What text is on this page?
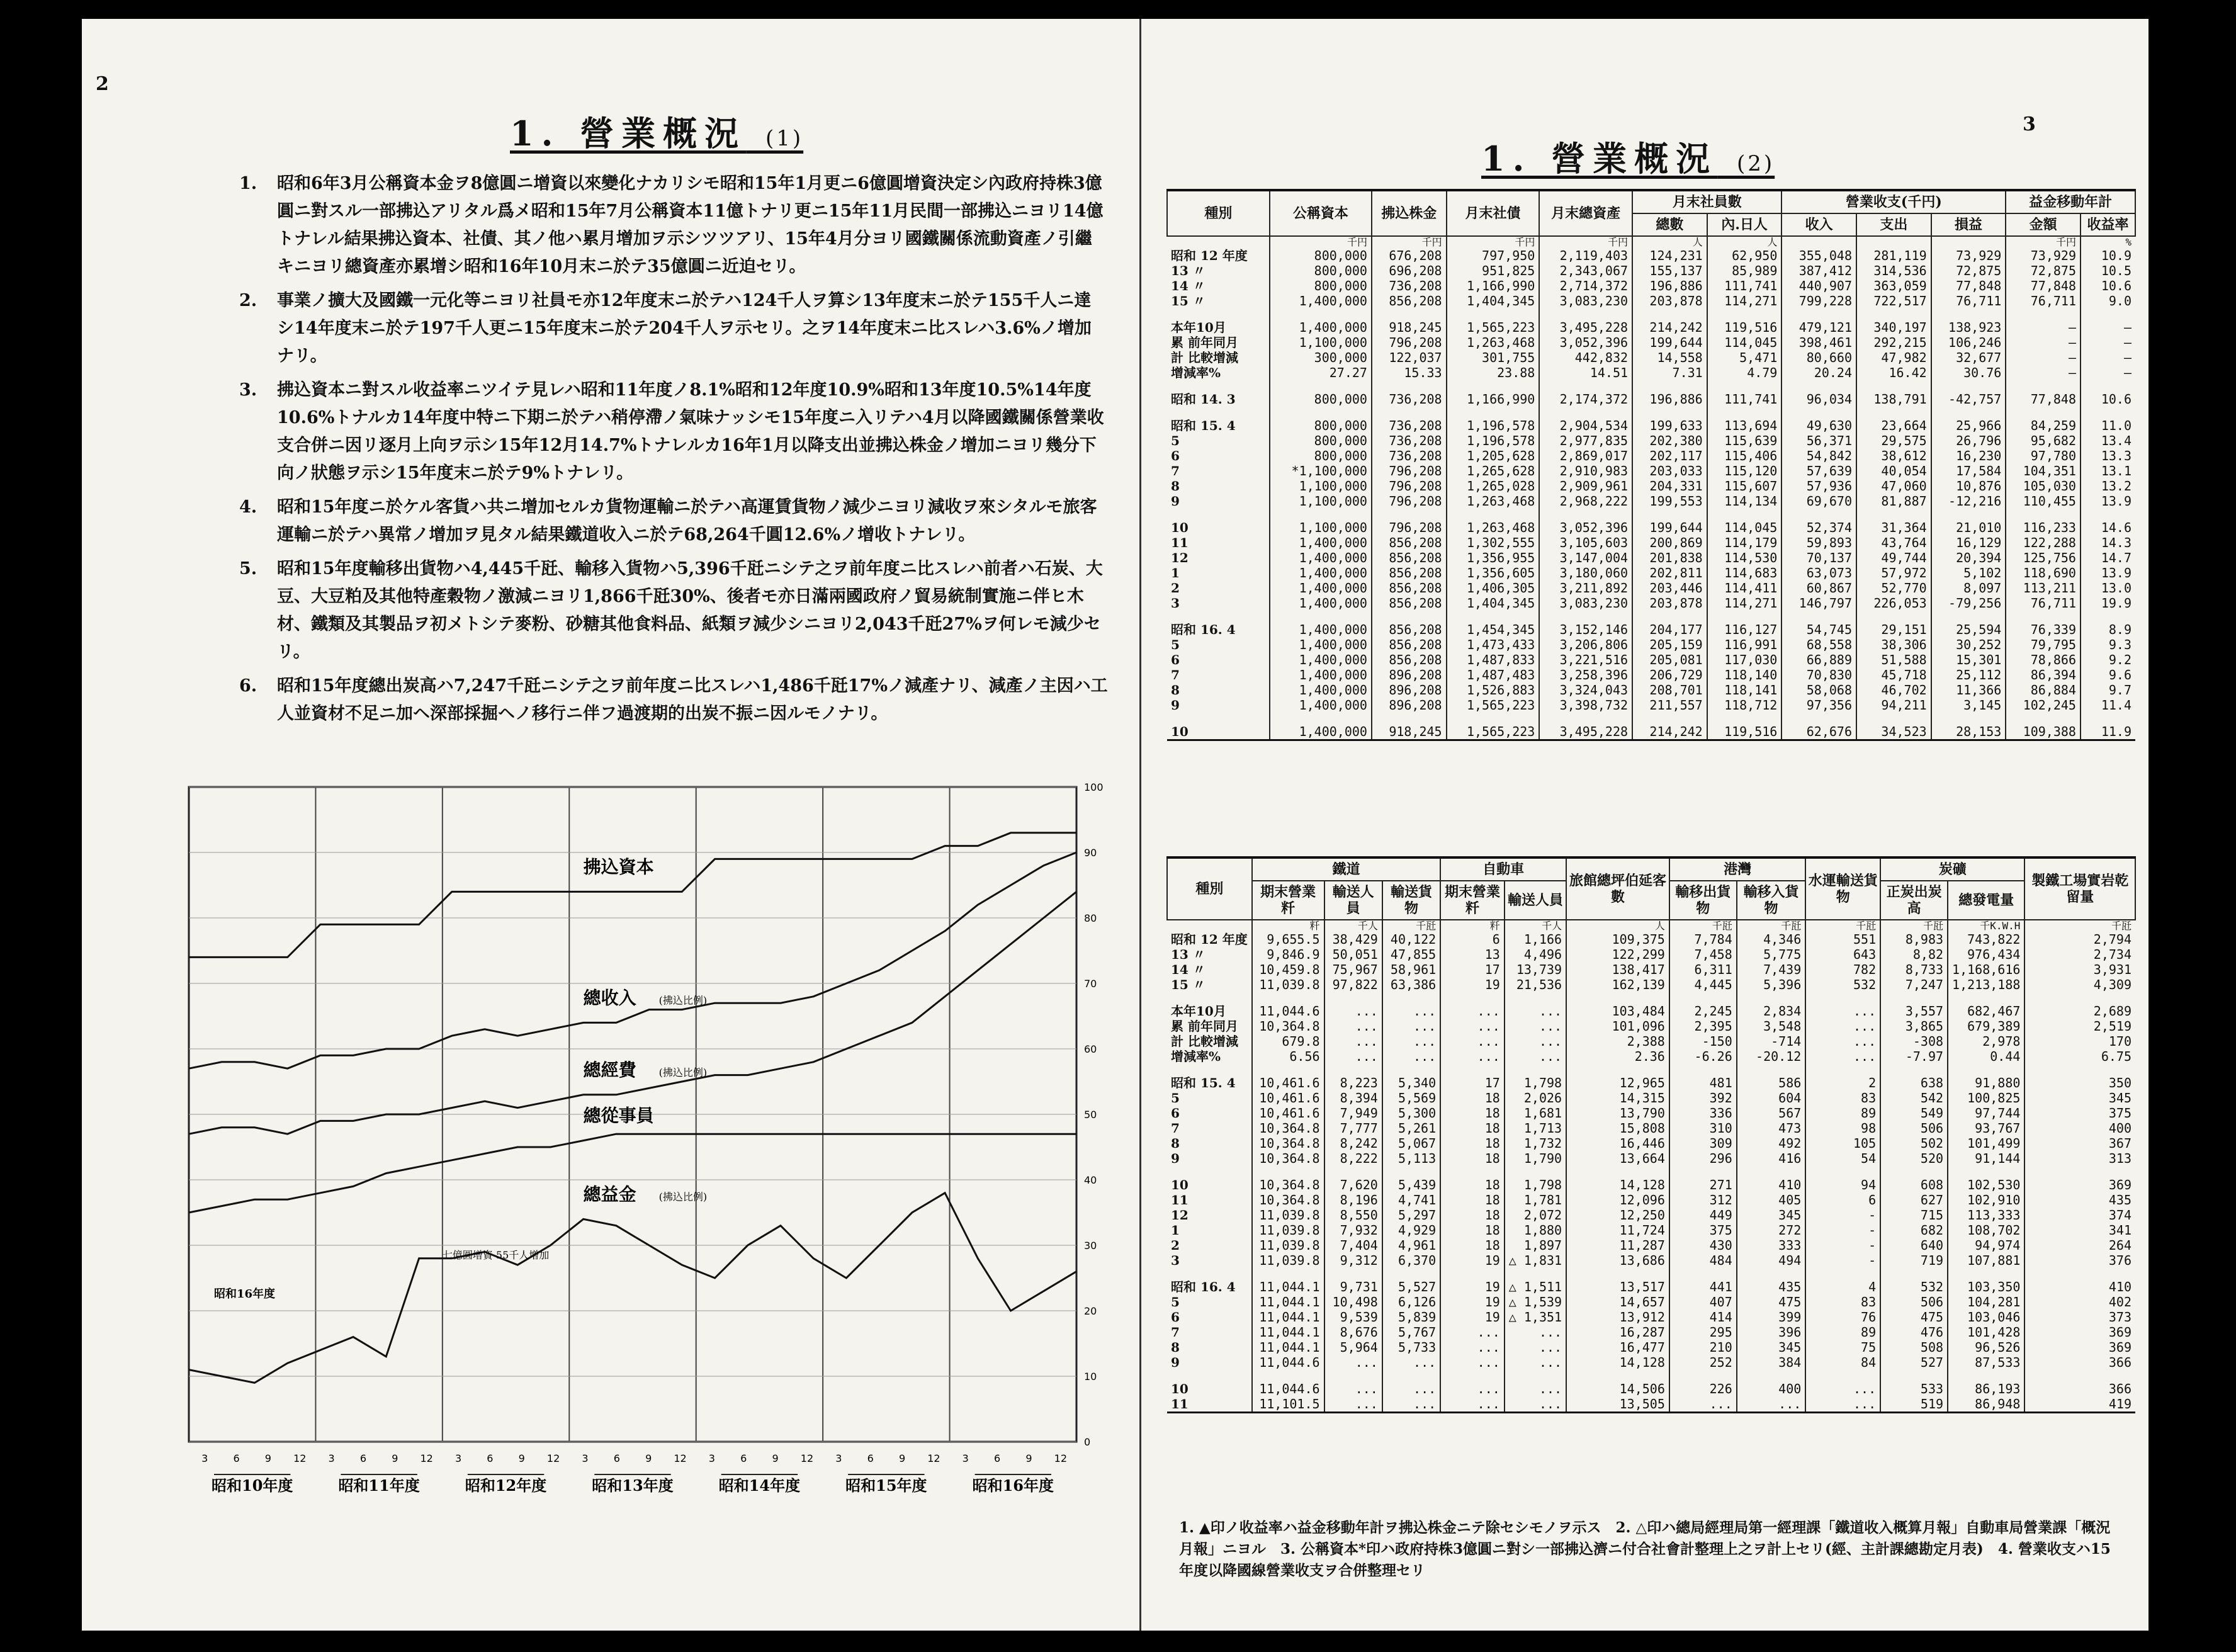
2
1. 營業概況 (1)
1.	昭和6年3月公稱資本金ヲ8億圓ニ增資以來變化ナカリシモ昭和15年1月更ニ6億圓增資決定シ內政府持株3億圓ニ對スル一部拂込アリタル爲メ昭和15年7月公稱資本11億トナリ更ニ15年11月民間一部拂込ニヨリ14億トナレル結果拂込資本、社債、其ノ他ハ累月增加ヲ示シツツアリ、15年4月分ヨリ國鐵關係流動資產ノ引繼キニヨリ總資產亦累增シ昭和16年10月末ニ於テ35億圓ニ近迫セリ。
2.	事業ノ擴大及國鐵一元化等ニヨリ社員モ亦12年度末ニ於テハ124千人ヲ算シ13年度末ニ於テ155千人ニ達シ14年度末ニ於テ197千人更ニ15年度末ニ於テ204千人ヲ示セリ。之ヲ14年度末ニ比スレハ3.6%ノ增加ナリ。
3.	拂込資本ニ對スル收益率ニツイテ見レハ昭和11年度ノ8.1%昭和12年度10.9%昭和13年度10.5%14年度10.6%トナルカ14年度中特ニ下期ニ於テハ稍停滯ノ氣味ナッシモ15年度ニ入リテハ4月以降國鐵關係營業收支合併ニ因リ逐月上向ヲ示シ15年12月14.7%トナレルカ16年1月以降支出並拂込株金ノ增加ニヨリ幾分下向ノ狀態ヲ示シ15年度末ニ於テ9%トナレリ。
4.	昭和15年度ニ於ケル客貨ハ共ニ增加セルカ貨物運輸ニ於テハ高運賃貨物ノ減少ニヨリ減收ヲ來シタルモ旅客運輸ニ於テハ異常ノ增加ヲ見タル結果鐵道收入ニ於テ68,264千圓12.6%ノ增收トナレリ。
5.	昭和15年度輸移出貨物ハ4,445千瓩、輸移入貨物ハ5,396千瓩ニシテ之ヲ前年度ニ比スレハ前者ハ石炭、大豆、大豆粕及其他特產穀物ノ激減ニヨリ1,866千瓩30%、後者モ亦日滿兩國政府ノ貿易統制實施ニ伴ヒ木材、鐵類及其製品ヲ初メトシテ麥粉、砂糖其他食料品、紙類ヲ減少シニヨリ2,043千瓩27%ヲ何レモ減少セリ。
6.	昭和15年度總出炭高ハ7,247千瓩ニシテ之ヲ前年度ニ比スレハ1,486千瓩17%ノ減產ナリ、減產ノ主因ハ工人並資材不足ニ加ヘ深部採掘ヘノ移行ニ伴フ過渡期的出炭不振ニ因ルモノナリ。
100
90
80
70
60
50
40
30
20
10
0
3	6	9 12
昭和10年度
3	6	9 12
昭和11年度
3	6	9 12
昭和12年度
3	6	9 12
昭和13年度
3	6	9 12
昭和14年度
3	6	9 12
昭和15年度
3	6	9 12
昭和16年度
拂込資本
總收入 (拂込比例)
總經費 (拂込比例)
總從事員
總益金 (拂込比例)
昭和16年度
七億圓增資 55千人增加
3
1. 營業概況 (2)
種別	公稱資本	拂込株金	月末社債	月末總資產	月末社員數		營業收支(千円)			益金移動年計	
					總數	內.日人	收入	支出	損益	金額	收益率
	千円	千円	千円	千円	人	人				千円	%
昭和 12 年度	800,000	676,208	797,950	2,119,403	124,231	62,950	355,048	281,119	73,929	73,929	10.9
13 〃	800,000	696,208	951,825	2,343,067	155,137	85,989	387,412	314,536	72,875	72,875	10.5
14 〃	800,000	736,208	1,166,990	2,714,372	196,886	111,741	440,907	363,059	77,848	77,848	10.6
15 〃	1,400,000	856,208	1,404,345	3,083,230	203,878	114,271	799,228	722,517	76,711	76,711	9.0

本年10月	1,400,000	918,245	1,565,223	3,495,228	214,242	119,516	479,121	340,197	138,923	—	—
累 前年同月	1,100,000	796,208	1,263,468	3,052,396	199,644	114,045	398,461	292,215	106,246	—	—
計 比較增減	300,000	122,037	301,755	442,832	14,558	5,471	80,660	47,982	32,677	—	—
增減率%	27.27	15.33	23.88	14.51	7.31	4.79	20.24	16.42	30.76	—	—

昭和 14. 3	800,000	736,208	1,166,990	2,174,372	196,886	111,741	96,034	138,791	-42,757	77,848	10.6

昭和 15. 4	800,000	736,208	1,196,578	2,904,534	199,633	113,694	49,630	23,664	25,966	84,259	11.0
5	800,000	736,208	1,196,578	2,977,835	202,380	115,639	56,371	29,575	26,796	95,682	13.4
6	800,000	736,208	1,205,628	2,869,017	202,117	115,406	54,842	38,612	16,230	97,780	13.3
7	*1,100,000	796,208	1,265,628	2,910,983	203,033	115,120	57,639	40,054	17,584	104,351	13.1
8	1,100,000	796,208	1,265,028	2,909,961	204,331	115,607	57,936	47,060	10,876	105,030	13.2
9	1,100,000	796,208	1,263,468	2,968,222	199,553	114,134	69,670	81,887	-12,216	110,455	13.9

10	1,100,000	796,208	1,263,468	3,052,396	199,644	114,045	52,374	31,364	21,010	116,233	14.6
11	1,400,000	856,208	1,302,555	3,105,603	200,869	114,179	59,893	43,764	16,129	122,288	14.3
12	1,400,000	856,208	1,356,955	3,147,004	201,838	114,530	70,137	49,744	20,394	125,756	14.7
1	1,400,000	856,208	1,356,605	3,180,060	202,811	114,683	63,073	57,972	5,102	118,690	13.9
2	1,400,000	856,208	1,406,305	3,211,892	203,446	114,411	60,867	52,770	8,097	113,211	13.0
3	1,400,000	856,208	1,404,345	3,083,230	203,878	114,271	146,797	226,053	-79,256	76,711	19.9

昭和 16. 4	1,400,000	856,208	1,454,345	3,152,146	204,177	116,127	54,745	29,151	25,594	76,339	8.9
5	1,400,000	856,208	1,473,433	3,206,806	205,159	116,991	68,558	38,306	30,252	79,795	9.3
6	1,400,000	856,208	1,487,833	3,221,516	205,081	117,030	66,889	51,588	15,301	78,866	9.2
7	1,400,000	896,208	1,487,483	3,258,396	206,729	118,140	70,830	45,718	25,112	86,394	9.6
8	1,400,000	896,208	1,526,883	3,324,043	208,701	118,141	58,068	46,702	11,366	86,884	9.7
9	1,400,000	896,208	1,565,223	3,398,732	211,557	118,712	97,356	94,211	3,145	102,245	11.4

10	1,400,000	918,245	1,565,223	3,495,228	214,242	119,516	62,676	34,523	28,153	109,388	11.9
種別	鐵道			自動車		旅館總坪伯延客數	港灣		水運輸送貨物	炭礦		製鐵工場實岩乾留量
	期末營業粁	輸送人員	輸送貨物	期末營業粁	輸送人員		輸移出貨物	輸移入貨物		正炭出炭高	總發電量	
	粁	千人	千瓩	粁	千人	人	千瓩	千瓩	千瓩	千瓩	千K.W.H	千瓩
昭和 12 年度	9,655.5	38,429	40,122	6	1,166	109,375	7,784	4,346	551	8,983	743,822	2,794
13 〃	9,846.9	50,051	47,855	13	4,496	122,299	7,458	5,775	643	8,82	976,434	2,734
14 〃	10,459.8	75,967	58,961	17	13,739	138,417	6,311	7,439	782	8,733	1,168,616	3,931
15 〃	11,039.8	97,822	63,386	19	21,536	162,139	4,445	5,396	532	7,247	1,213,188	4,309

本年10月	11,044.6	...	...	...	...	103,484	2,245	2,834	...	3,557	682,467	2,689
累 前年同月	10,364.8	...	...	...	...	101,096	2,395	3,548	...	3,865	679,389	2,519
計 比較增減	679.8	...	...	...	...	2,388	-150	-714	...	-308	2,978	170
增減率%	6.56	...	...	...	...	2.36	-6.26	-20.12	...	-7.97	0.44	6.75

昭和 15. 4	10,461.6	8,223	5,340	17	1,798	12,965	481	586	2	638	91,880	350
5	10,461.6	8,394	5,569	18	2,026	14,315	392	604	83	542	100,825	345
6	10,461.6	7,949	5,300	18	1,681	13,790	336	567	89	549	97,744	375
7	10,364.8	7,777	5,261	18	1,713	15,808	310	473	98	506	93,767	400
8	10,364.8	8,242	5,067	18	1,732	16,446	309	492	105	502	101,499	367
9	10,364.8	8,222	5,113	18	1,790	13,664	296	416	54	520	91,144	313

10	10,364.8	7,620	5,439	18	1,798	14,128	271	410	94	608	102,530	369
11	10,364.8	8,196	4,741	18	1,781	12,096	312	405	6	627	102,910	435
12	11,039.8	8,550	5,297	18	2,072	12,250	449	345	-	715	113,333	374
1	11,039.8	7,932	4,929	18	1,880	11,724	375	272	-	682	108,702	341
2	11,039.8	7,404	4,961	18	1,897	11,287	430	333	-	640	94,974	264
3	11,039.8	9,312	6,370	19	△ 1,831	13,686	484	494	-	719	107,881	376

昭和 16. 4	11,044.1	9,731	5,527	19	△ 1,511	13,517	441	435	4	532	103,350	410
5	11,044.1	10,498	6,126	19	△ 1,539	14,657	407	475	83	506	104,281	402
6	11,044.1	9,539	5,839	19	△ 1,351	13,912	414	399	76	475	103,046	373
7	11,044.1	8,676	5,767	...	...	16,287	295	396	89	476	101,428	369
8	11,044.1	5,964	5,733	...	...	16,477	210	345	75	508	96,526	369
9	11,044.6	...	...	...	...	14,128	252	384	84	527	87,533	366

10	11,044.6	...	...	...	...	14,506	226	400	...	533	86,193	366
11	11,101.5	...	...	...	...	13,505	...	...	...	519	86,948	419
1. ▲印ノ收益率ハ益金移動年計ヲ拂込株金ニテ除セシモノヲ示ス　2. △印ハ總局經理局第一經理課「鐵道收入概算月報」自動車局營業課「概況月報」ニヨル　3. 公稱資本*印ハ政府持株3億圓ニ對シ一部拂込濟ニ付合社會計整理上之ヲ計上セリ(經、主計課總勘定月表)　4. 營業收支ハ15年度以降國線營業收支ヲ合併整理セリ　
